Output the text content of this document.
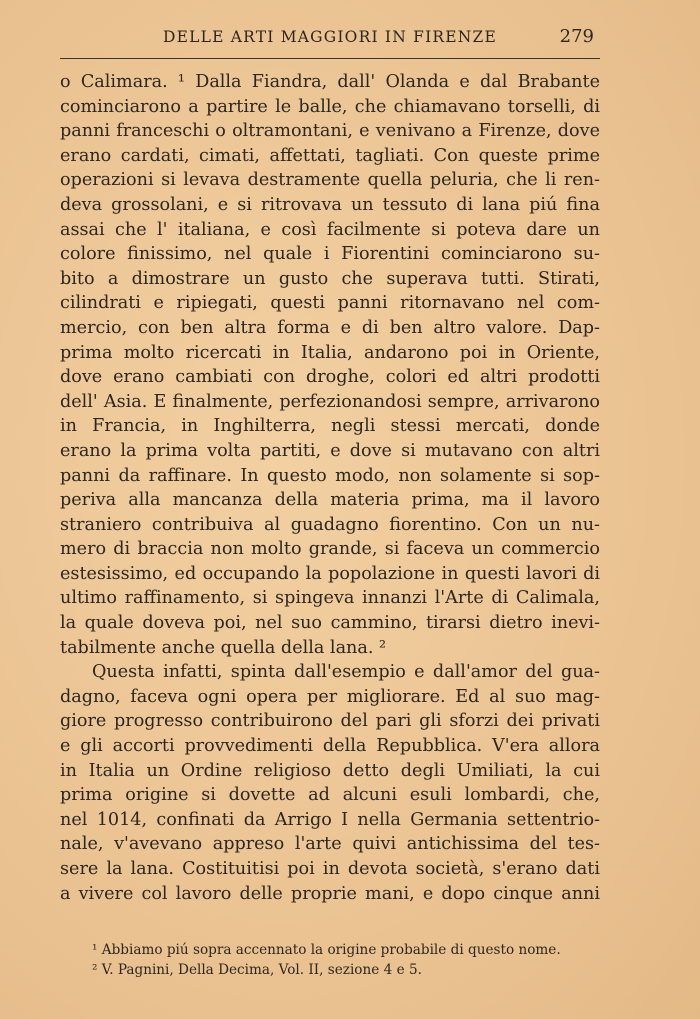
DELLE ARTI MAGGIORI IN FIRENZE	279
o Calimara. ¹ Dalla Fiandra, dall' Olanda e dal Brabante
cominciarono a partire le balle, che chiamavano torselli, di
panni franceschi o oltramontani, e venivano a Firenze, dove
erano cardati, cimati, affettati, tagliati. Con queste prime
operazioni si levava destramente quella peluria, che li ren-
deva grossolani, e si ritrovava un tessuto di lana piú fina
assai che l' italiana, e così facilmente si poteva dare un
colore finissimo, nel quale i Fiorentini cominciarono su-
bito a dimostrare un gusto che superava tutti. Stirati,
cilindrati e ripiegati, questi panni ritornavano nel com-
mercio, con ben altra forma e di ben altro valore. Dap-
prima molto ricercati in Italia, andarono poi in Oriente,
dove erano cambiati con droghe, colori ed altri prodotti
dell' Asia. E finalmente, perfezionandosi sempre, arrivarono
in Francia, in Inghilterra, negli stessi mercati, donde
erano la prima volta partiti, e dove si mutavano con altri
panni da raffinare. In questo modo, non solamente si sop-
periva alla mancanza della materia prima, ma il lavoro
straniero contribuiva al guadagno fiorentino. Con un nu-
mero di braccia non molto grande, si faceva un commercio
estesissimo, ed occupando la popolazione in questi lavori di
ultimo raffinamento, si spingeva innanzi l'Arte di Calimala,
la quale doveva poi, nel suo cammino, tirarsi dietro inevi-
tabilmente anche quella della lana. ²
Questa infatti, spinta dall'esempio e dall'amor del gua-
dagno, faceva ogni opera per migliorare. Ed al suo mag-
giore progresso contribuirono del pari gli sforzi dei privati
e gli accorti provvedimenti della Repubblica. V'era allora
in Italia un Ordine religioso detto degli Umiliati, la cui
prima origine si dovette ad alcuni esuli lombardi, che,
nel 1014, confinati da Arrigo I nella Germania settentrio-
nale, v'avevano appreso l'arte quivi antichissima del tes-
sere la lana. Costituitisi poi in devota società, s'erano dati
a vivere col lavoro delle proprie mani, e dopo cinque anni
¹ Abbiamo piú sopra accennato la origine probabile di questo nome.
² V. Pagnini, Della Decima, Vol. II, sezione 4 e 5.
